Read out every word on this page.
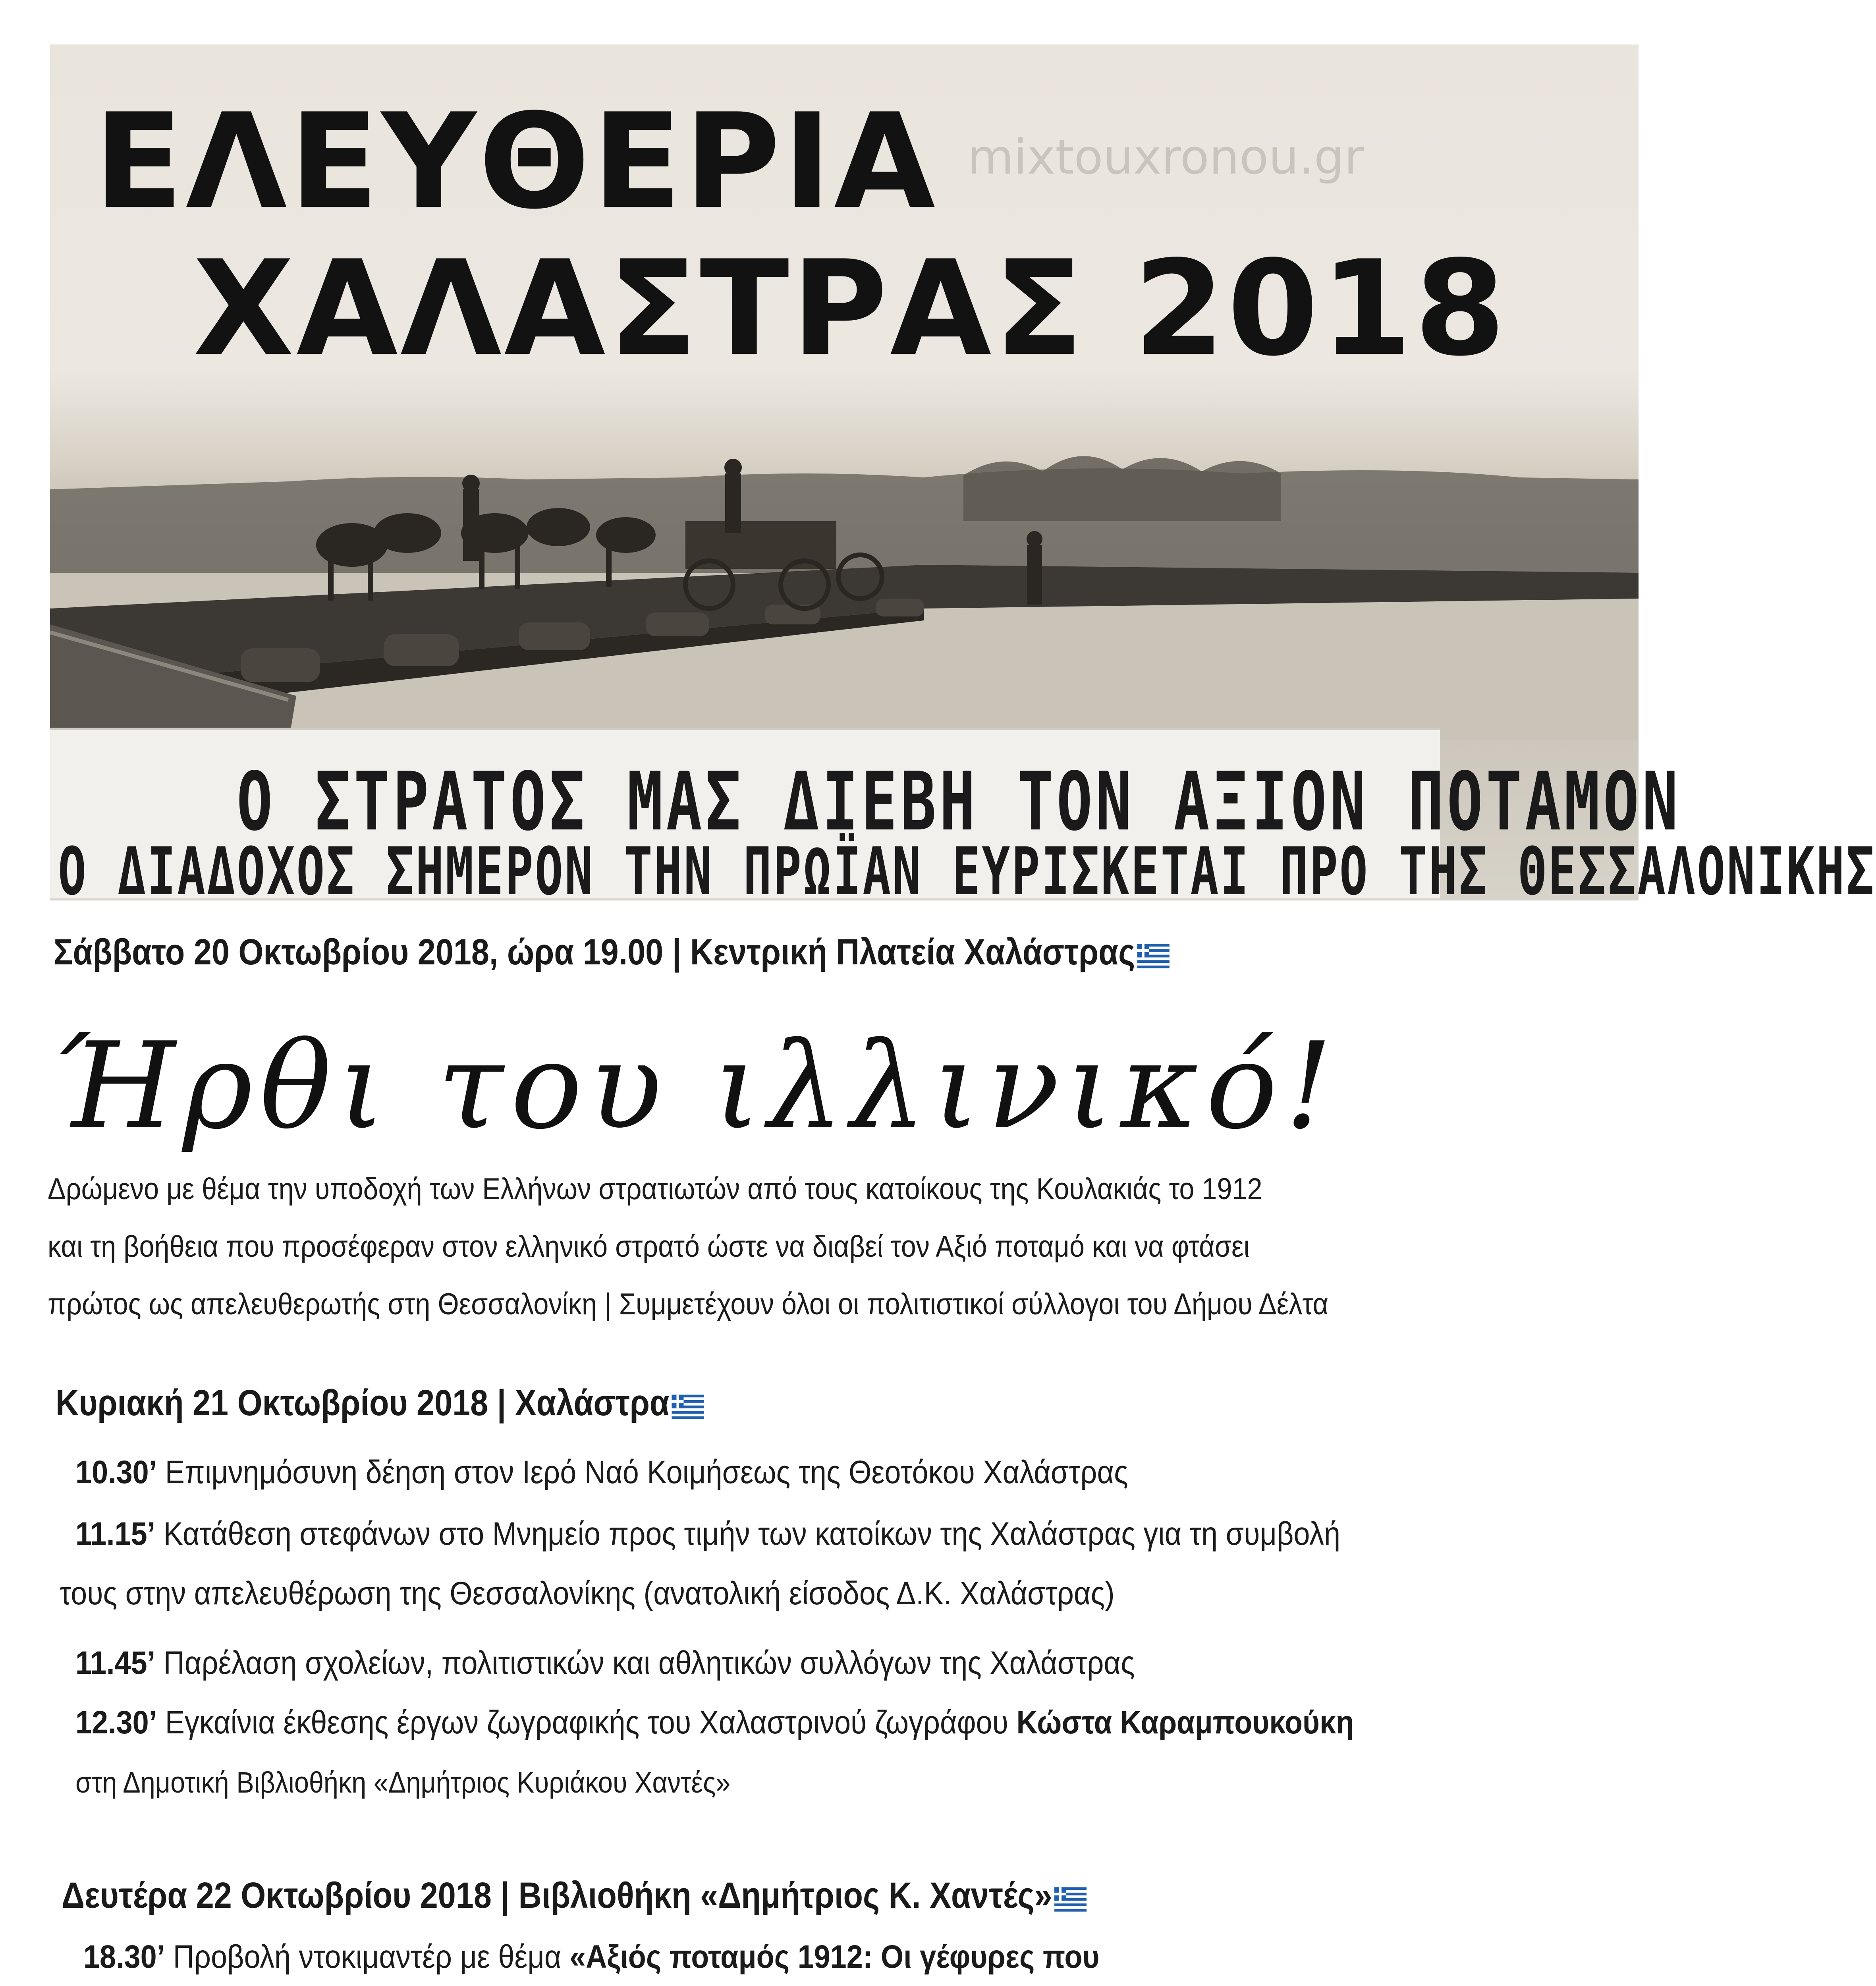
ΕΛΕΥΘΕΡΙΑ
ΧΑΛΑΣΤΡΑΣ 2018
mixtouxronou.gr
Ο ΣΤΡΑΤΟΣ ΜΑΣ ΔΙΕΒΗ ΤΟΝ ΑΞΙΟΝ ΠΟΤΑΜΟΝ
Ο ΔΙΑΔΟΧΟΣ ΣΗΜΕΡΟΝ ΤΗΝ ΠΡΩΪΑΝ ΕΥΡΙΣΚΕΤΑΙ ΠΡΟ ΤΗΣ ΘΕΣΣΑΛΟΝΙΚΗΣ
Σάββατο 20 Οκτωβρίου 2018, ώρα 19.00 | Κεντρική Πλατεία Χαλάστρας
Ήρθι του ιλλινικό!
Δρώμενο με θέμα την υποδοχή των Ελλήνων στρατιωτών από τους κατοίκους της Κουλακιάς το 1912
και τη βοήθεια που προσέφεραν στον ελληνικό στρατό ώστε να διαβεί τον Αξιό ποταμό και να φτάσει
πρώτος ως απελευθερωτής στη Θεσσαλονίκη | Συμμετέχουν όλοι οι πολιτιστικοί σύλλογοι του Δήμου Δέλτα
Κυριακή 21 Οκτωβρίου 2018 | Χαλάστρα
10.30’ Επιμνημόσυνη δέηση στον Ιερό Ναό Κοιμήσεως της Θεοτόκου Χαλάστρας
11.15’ Κατάθεση στεφάνων στο Μνημείο προς τιμήν των κατοίκων της Χαλάστρας για τη συμβολή
τους στην απελευθέρωση της Θεσσαλονίκης (ανατολική είσοδος Δ.Κ. Χαλάστρας)
11.45’ Παρέλαση σχολείων, πολιτιστικών και αθλητικών συλλόγων της Χαλάστρας
12.30’ Εγκαίνια έκθεσης έργων ζωγραφικής του Χαλαστρινού ζωγράφου Κώστα Καραμπουκούκη
στη Δημοτική Βιβλιοθήκη «Δημήτριος Κυριάκου Χαντές»
Δευτέρα 22 Οκτωβρίου 2018 | Βιβλιοθήκη «Δημήτριος Κ. Χαντές»
18.30’ Προβολή ντοκιμαντέρ με θέμα «Αξιός ποταμός 1912: Οι γέφυρες που
